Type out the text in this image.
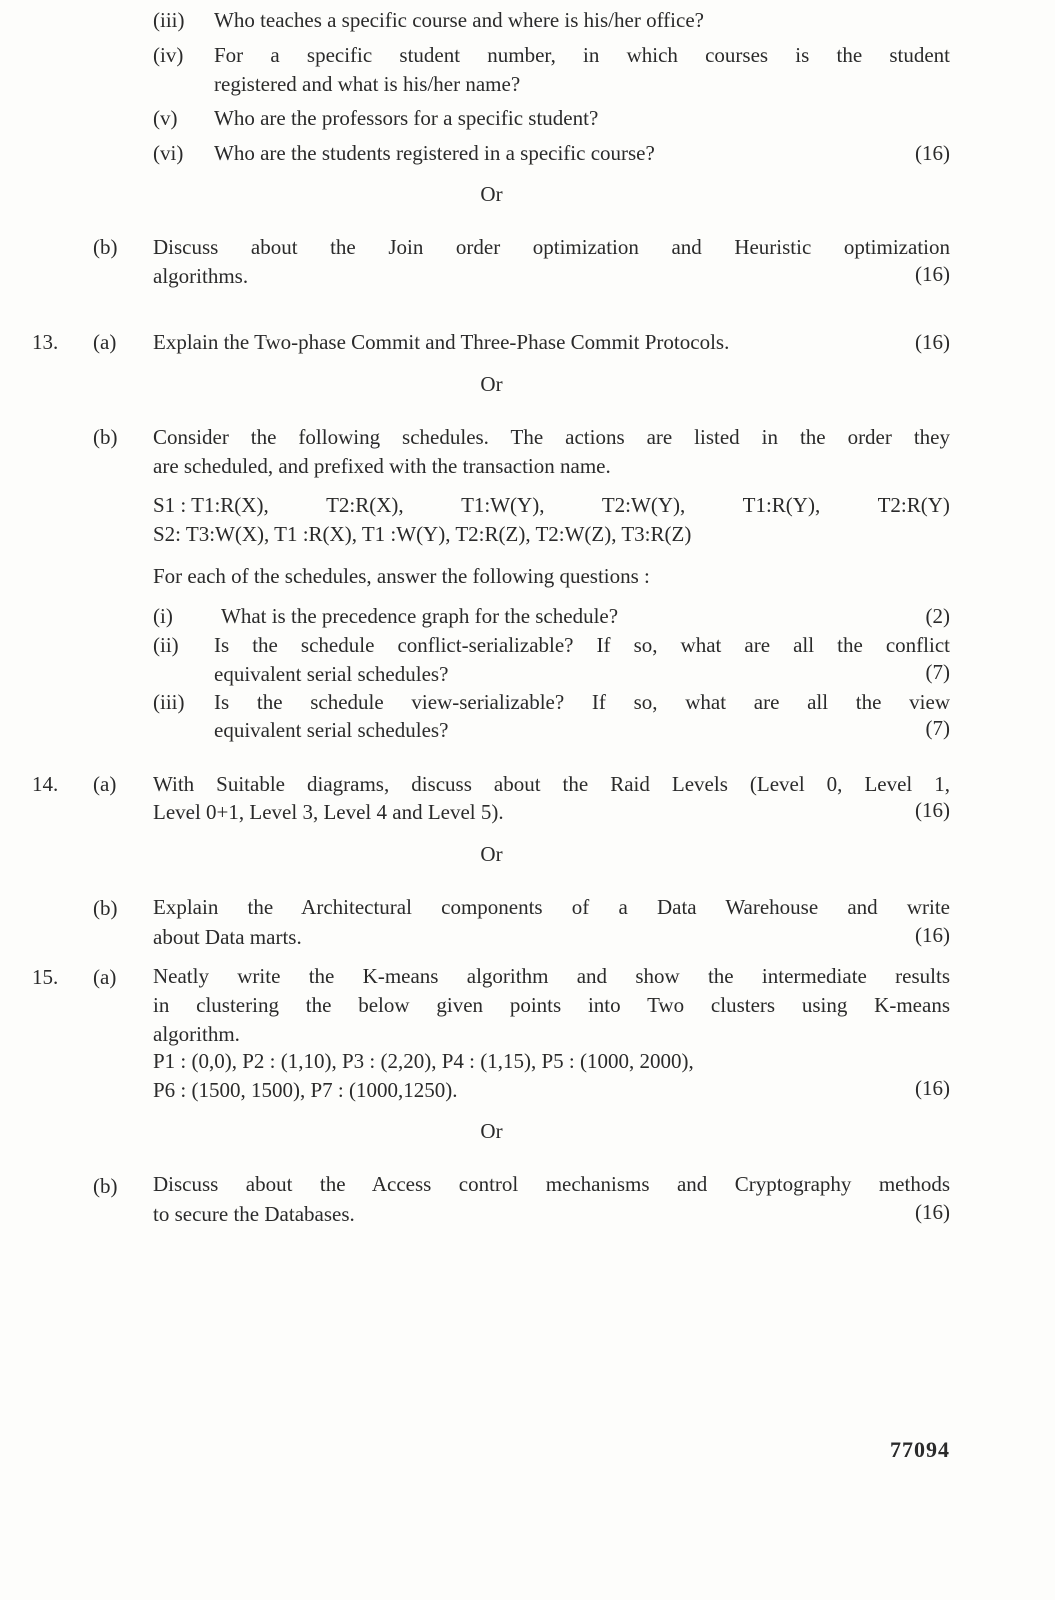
(iii) Who teaches a specific course and where is his/her office?
(iv) For a specific student number, in which courses is the student
registered and what is his/her name?
(v) Who are the professors for a specific student?
(vi) Who are the students registered in a specific course?	(16)
Or
(b) Discuss about the Join order optimization and Heuristic optimization
algorithms.	(16)
13. (a) Explain the Two-phase Commit and Three-Phase Commit Protocols.	(16)
Or
(b) Consider the following schedules. The actions are listed in the order they
are scheduled, and prefixed with the transaction name.
S1 : T1:R(X),	T2:R(X),	T1:W(Y),	T2:W(Y),	T1:R(Y),	T2:R(Y)
S2: T3:W(X), T1 :R(X), T1 :W(Y), T2:R(Z), T2:W(Z), T3:R(Z)
For each of the schedules, answer the following questions :
(i) What is the precedence graph for the schedule?	(2)
(ii) Is the schedule conflict-serializable? If so, what are all the conflict
equivalent serial schedules?	(7)
(iii) Is the schedule view-serializable? If so, what are all the view
equivalent serial schedules?	(7)
14. (a) With Suitable diagrams, discuss about the Raid Levels (Level 0, Level 1,
Level 0+1, Level 3, Level 4 and Level 5).	(16)
Or
(b) Explain the Architectural components of a Data Warehouse and write
about Data marts.	(16)
15. (a) Neatly write the K-means algorithm and show the intermediate results
in clustering the below given points into Two clusters using K-means
algorithm.
P1 : (0,0), P2 : (1,10), P3 : (2,20), P4 : (1,15), P5 : (1000, 2000),
P6 : (1500, 1500), P7 : (1000,1250).	(16)
Or
(b) Discuss about the Access control mechanisms and Cryptography methods
to secure the Databases.	(16)
77094
